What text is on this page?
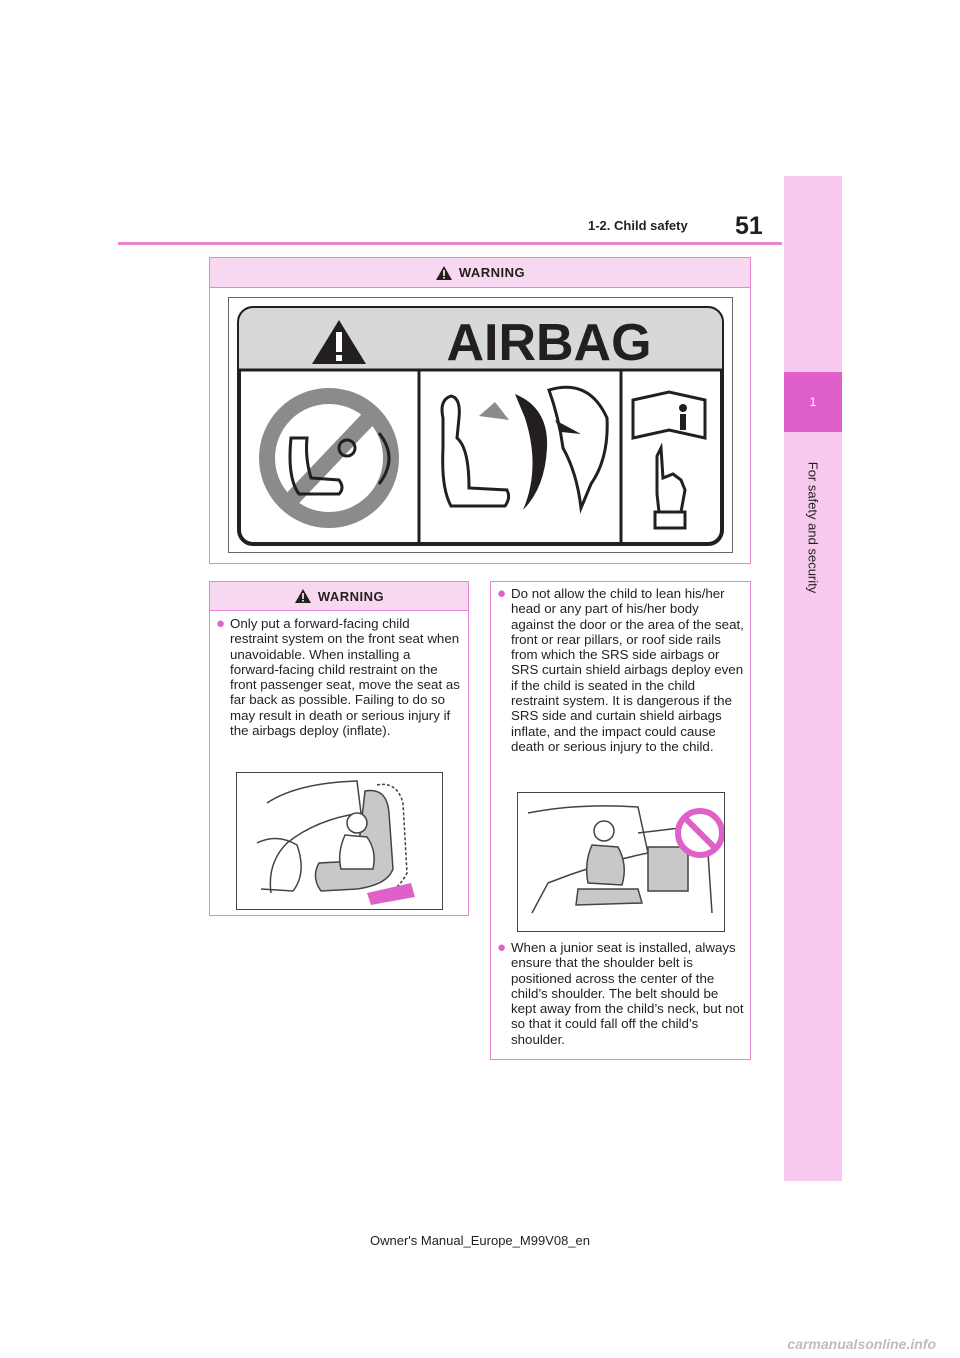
1-2. Child safety 51
1
For safety and security
WARNING
AIRBAG
WARNING
● Only put a forward-facing child restraint system on the front seat when unavoidable. When installing a forward-facing child restraint on the front passenger seat, move the seat as far back as possible. Failing to do so may result in death or serious injury if the airbags deploy (inflate).
● Do not allow the child to lean his/her head or any part of his/her body against the door or the area of the seat, front or rear pillars, or roof side rails from which the SRS side airbags or SRS curtain shield airbags deploy even if the child is seated in the child restraint system. It is dangerous if the SRS side and curtain shield airbags inflate, and the impact could cause death or serious injury to the child.
● When a junior seat is installed, always ensure that the shoulder belt is positioned across the center of the child’s shoulder. The belt should be kept away from the child’s neck, but not so that it could fall off the child’s shoulder.
Owner's Manual_Europe_M99V08_en
carmanualsonline.info
